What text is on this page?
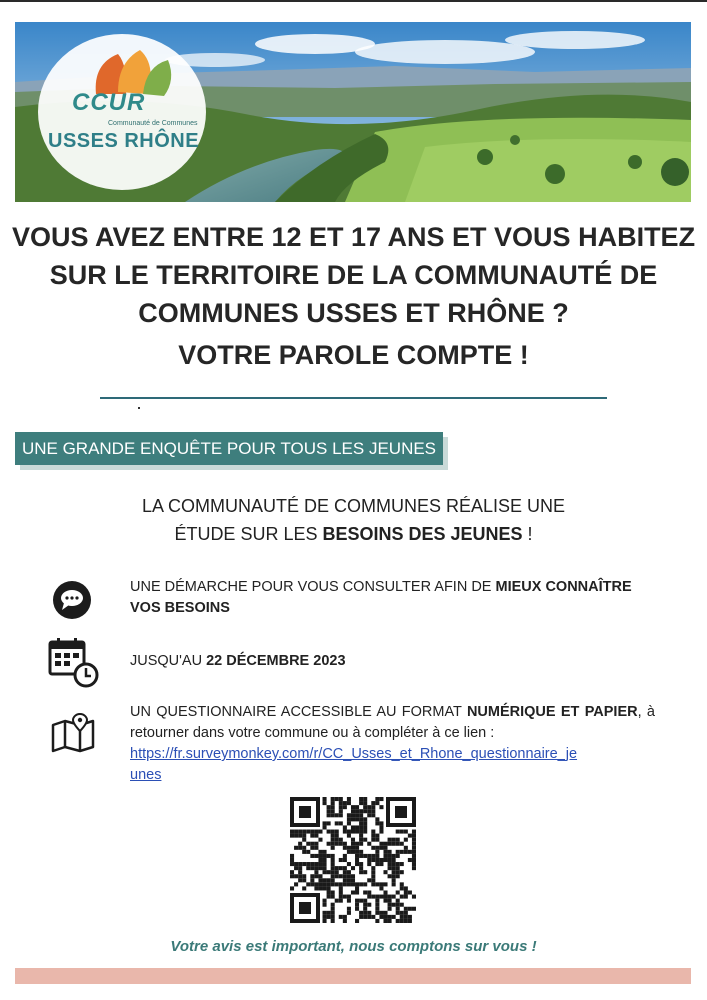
CCUR
Communauté de Communes
USSES RHÔNE
VOUS AVEZ ENTRE 12 ET 17 ANS ET VOUS HABITEZ
SUR LE TERRITOIRE DE LA COMMUNAUTÉ DE
COMMUNES USSES ET RHÔNE ?
VOTRE PAROLE COMPTE !
UNE GRANDE ENQUÊTE POUR TOUS LES JEUNES
LA COMMUNAUTÉ DE COMMUNES RÉALISE UNE
ÉTUDE SUR LES BESOINS DES JEUNES !
UNE DÉMARCHE POUR VOUS CONSULTER AFIN DE MIEUX CONNAÎTRE VOS BESOINS
JUSQU'AU 22 DÉCEMBRE 2023
UN QUESTIONNAIRE ACCESSIBLE AU FORMAT NUMÉRIQUE ET PAPIER, à retourner dans votre commune ou à compléter à ce lien :
https://fr.surveymonkey.com/r/CC_Usses_et_Rhone_questionnaire_je
unes
Votre avis est important, nous comptons sur vous !
